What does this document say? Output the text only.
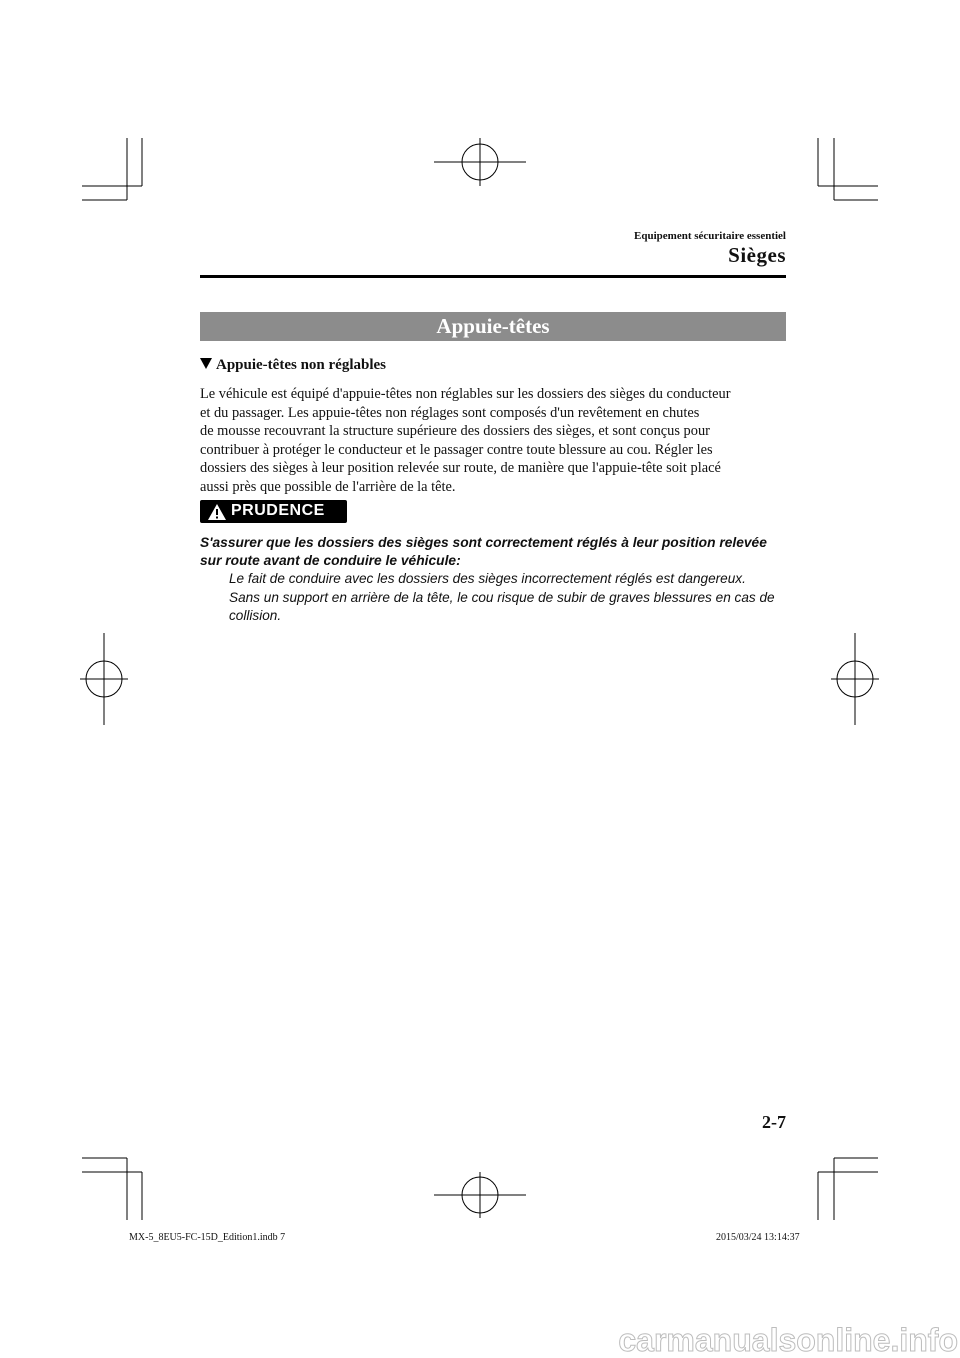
Equipement sécuritaire essentiel
Sièges
Appuie-têtes
Appuie-têtes non réglables
Le véhicule est équipé d'appuie-têtes non réglables sur les dossiers des sièges du conducteur
et du passager. Les appuie-têtes non réglages sont composés d'un revêtement en chutes
de mousse recouvrant la structure supérieure des dossiers des sièges, et sont conçus pour
contribuer à protéger le conducteur et le passager contre toute blessure au cou. Régler les
dossiers des sièges à leur position relevée sur route, de manière que l'appuie-tête soit placé
aussi près que possible de l'arrière de la tête.
PRUDENCE
S'assurer que les dossiers des sièges sont correctement réglés à leur position relevée
sur route avant de conduire le véhicule:
Le fait de conduire avec les dossiers des sièges incorrectement réglés est dangereux.
Sans un support en arrière de la tête, le cou risque de subir de graves blessures en cas de
collision.
2-7
MX-5_8EU5-FC-15D_Edition1.indb 7	2015/03/24 13:14:37
carmanualsonline.info
